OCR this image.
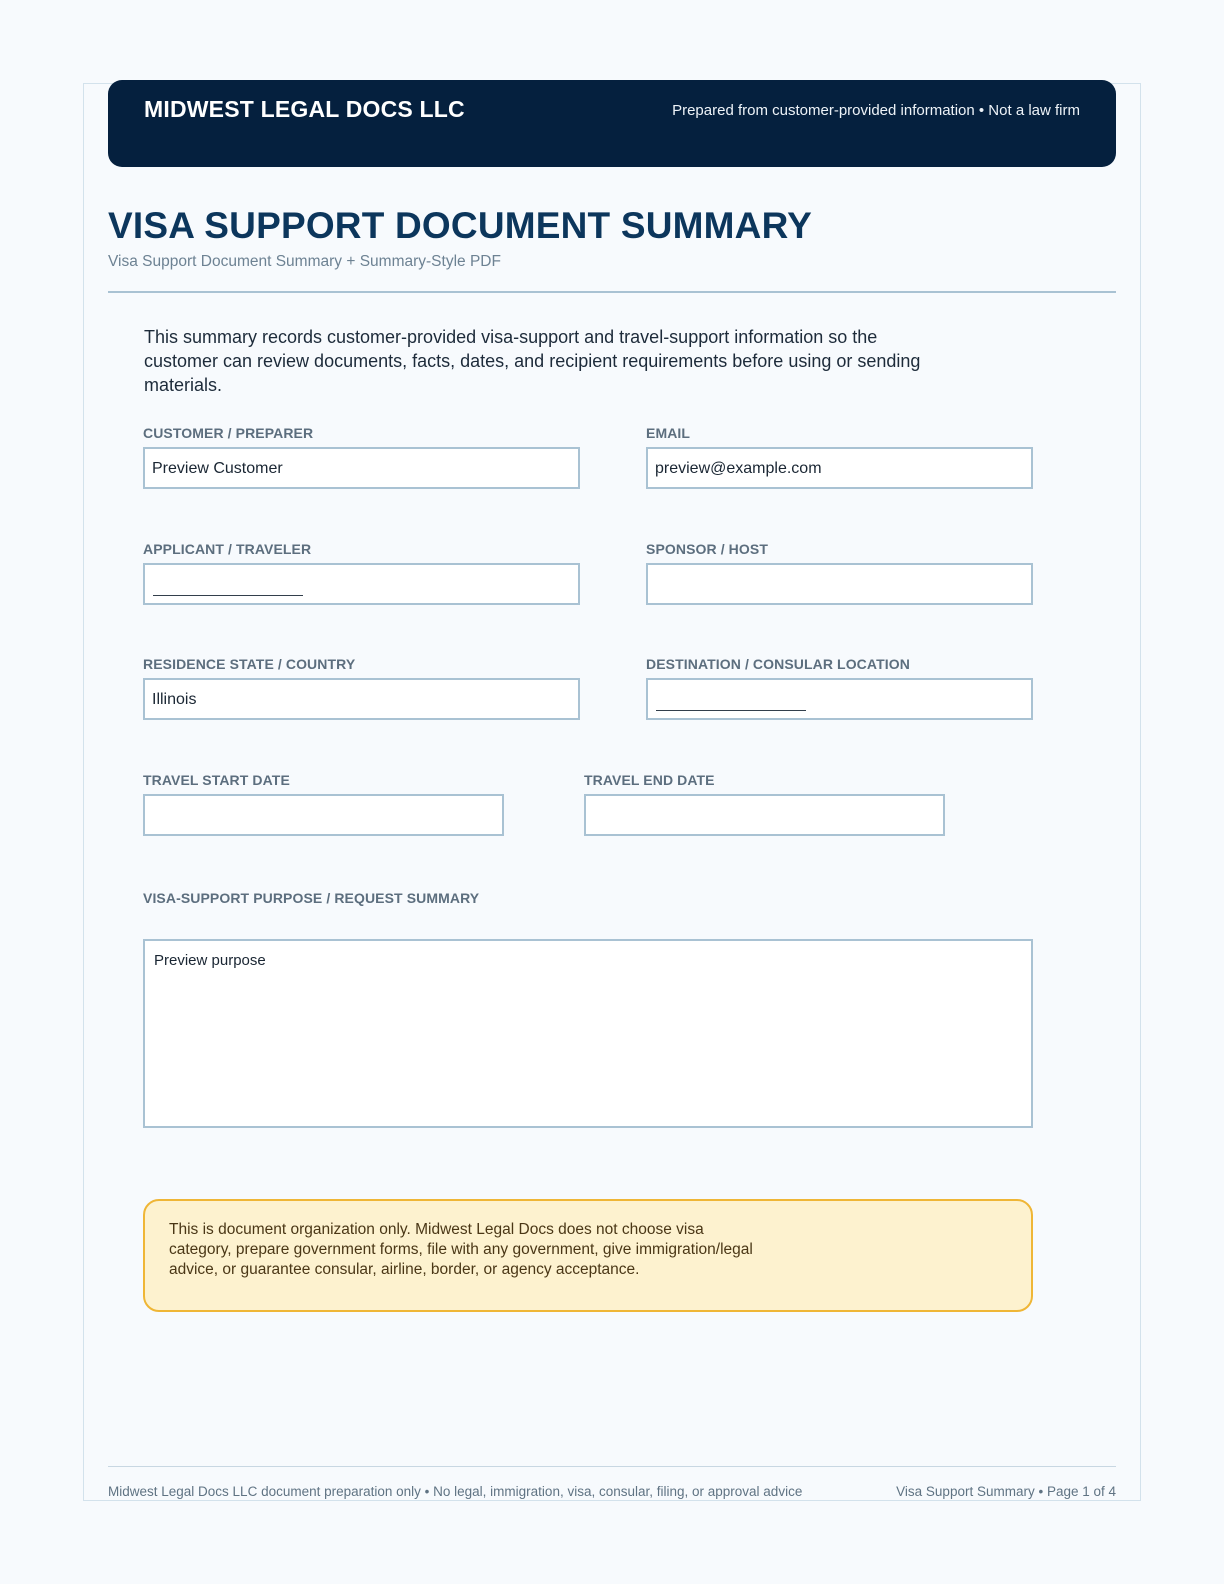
MIDWEST LEGAL DOCS LLC	Prepared from customer-provided information • Not a law firm
VISA SUPPORT DOCUMENT SUMMARY
Visa Support Document Summary + Summary-Style PDF
This summary records customer-provided visa-support and travel-support information so the customer can review documents, facts, dates, and recipient requirements before using or sending materials.
CUSTOMER / PREPARER
Preview Customer
EMAIL
preview@example.com
APPLICANT / TRAVELER	SPONSOR / HOST
RESIDENCE STATE / COUNTRY
Illinois
DESTINATION / CONSULAR LOCATION
TRAVEL START DATE	TRAVEL END DATE
VISA-SUPPORT PURPOSE / REQUEST SUMMARY
Preview purpose
This is document organization only. Midwest Legal Docs does not choose visa category, prepare government forms, file with any government, give immigration/legal advice, or guarantee consular, airline, border, or agency acceptance.
Midwest Legal Docs LLC document preparation only • No legal, immigration, visa, consular, filing, or approval advice	Visa Support Summary • Page 1 of 4
